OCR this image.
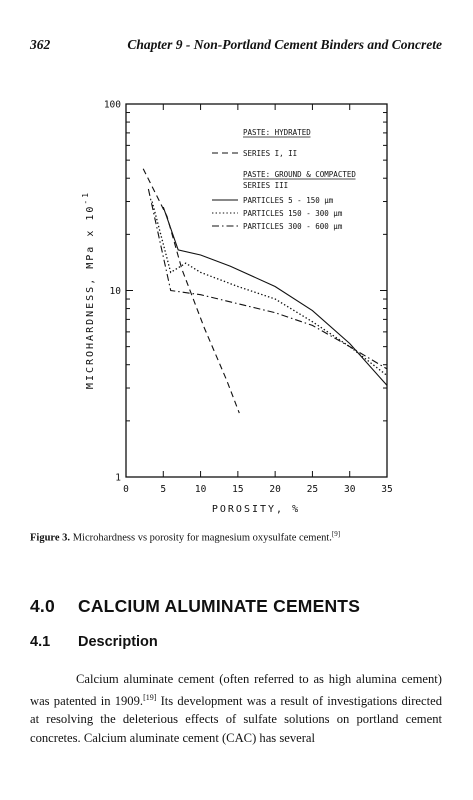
362	Chapter 9 - Non-Portland Cement Binders and Concrete
0	5	10	15	20	25	30	35
1
10
100
PASTE: HYDRATED
SERIES I, II
PASTE: GROUND & COMPACTED
SERIES III
PARTICLES 5 - 150 μm
PARTICLES 150 - 300 μm
PARTICLES 300 - 600 μm
POROSITY, %
MICROHARDNESS, MPa x $10^{-1}$
Figure 3. Microhardness vs porosity for magnesium oxysulfate cement.[9]
4.0 CALCIUM ALUMINATE CEMENTS
4.1 Description

Calcium aluminate cement (often referred to as high alumina cement) was patented in 1909.[19] Its development was a result of investigations directed at resolving the deleterious effects of sulfate solutions on portland cement concretes. Calcium aluminate cement (CAC) has several
